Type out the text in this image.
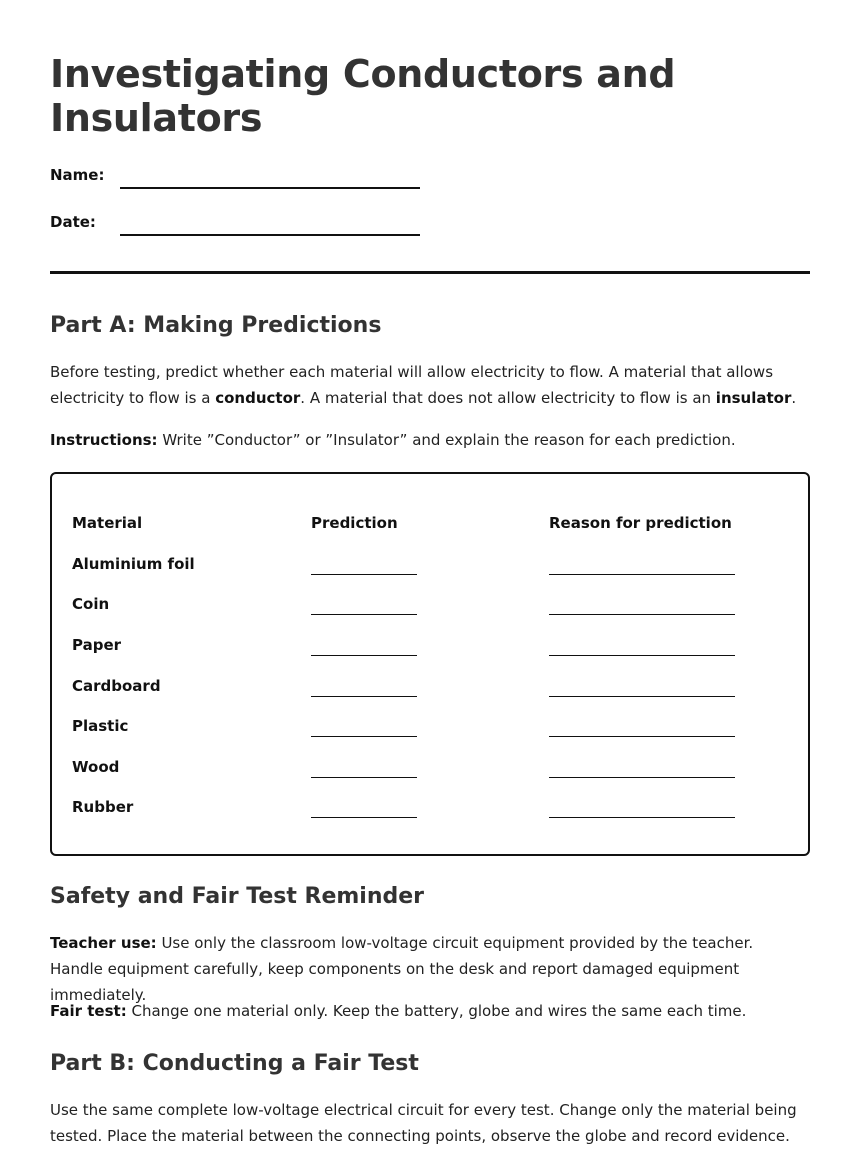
Investigating Conductors and Insulators
Name:
Date:
Part A: Making Predictions

Before testing, predict whether each material will allow electricity to flow. A material that allows electricity to flow is a conductor. A material that does not allow electricity to flow is an insulator.

Instructions: Write ”Conductor” or ”Insulator” and explain the reason for each prediction.

Material	Prediction	Reason for prediction
Aluminium foil
Coin
Paper
Cardboard
Plastic
Wood
Rubber
Safety and Fair Test Reminder

Teacher use: Use only the classroom low-voltage circuit equipment provided by the teacher. Handle equipment carefully, keep components on the desk and report damaged equipment immediately.

Fair test: Change one material only. Keep the battery, globe and wires the same each time.

Part B: Conducting a Fair Test

Use the same complete low-voltage electrical circuit for every test. Change only the material being tested. Place the material between the connecting points, observe the globe and record evidence.
